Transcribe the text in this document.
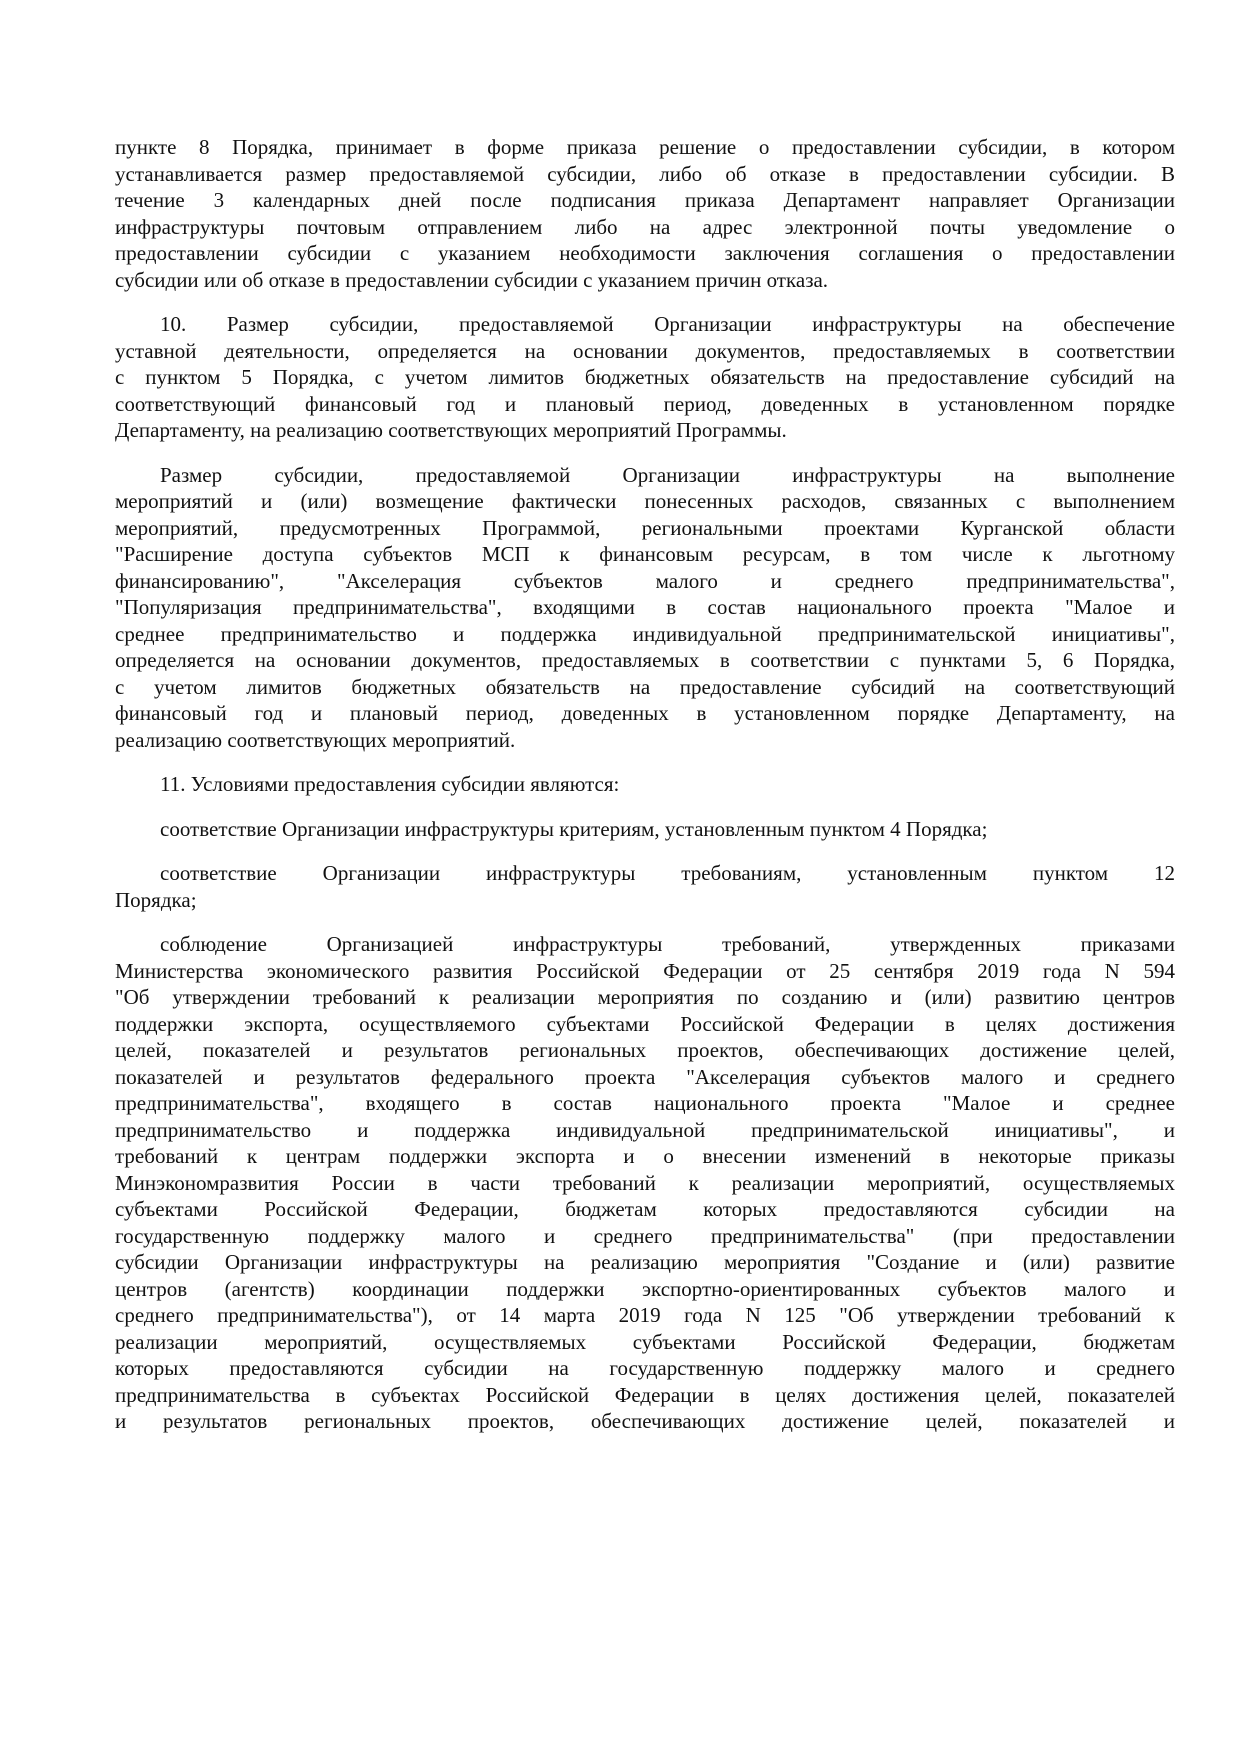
пункте 8 Порядка, принимает в форме приказа решение о предоставлении субсидии, в котором
устанавливается размер предоставляемой субсидии, либо об отказе в предоставлении субсидии. В
течение 3 календарных дней после подписания приказа Департамент направляет Организации
инфраструктуры почтовым отправлением либо на адрес электронной почты уведомление о
предоставлении субсидии с указанием необходимости заключения соглашения о предоставлении
субсидии или об отказе в предоставлении субсидии с указанием причин отказа.
10. Размер субсидии, предоставляемой Организации инфраструктуры на обеспечение
уставной деятельности, определяется на основании документов, предоставляемых в соответствии
с пунктом 5 Порядка, с учетом лимитов бюджетных обязательств на предоставление субсидий на
соответствующий финансовый год и плановый период, доведенных в установленном порядке
Департаменту, на реализацию соответствующих мероприятий Программы.
Размер субсидии, предоставляемой Организации инфраструктуры на выполнение
мероприятий и (или) возмещение фактически понесенных расходов, связанных с выполнением
мероприятий, предусмотренных Программой, региональными проектами Курганской области
"Расширение доступа субъектов МСП к финансовым ресурсам, в том числе к льготному
финансированию", "Акселерация субъектов малого и среднего предпринимательства",
"Популяризация предпринимательства", входящими в состав национального проекта "Малое и
среднее предпринимательство и поддержка индивидуальной предпринимательской инициативы",
определяется на основании документов, предоставляемых в соответствии с пунктами 5, 6 Порядка,
с учетом лимитов бюджетных обязательств на предоставление субсидий на соответствующий
финансовый год и плановый период, доведенных в установленном порядке Департаменту, на
реализацию соответствующих мероприятий.
11. Условиями предоставления субсидии являются:
соответствие Организации инфраструктуры критериям, установленным пунктом 4 Порядка;
соответствие Организации инфраструктуры требованиям, установленным пунктом 12
Порядка;
соблюдение Организацией инфраструктуры требований, утвержденных приказами
Министерства экономического развития Российской Федерации от 25 сентября 2019 года N 594
"Об утверждении требований к реализации мероприятия по созданию и (или) развитию центров
поддержки экспорта, осуществляемого субъектами Российской Федерации в целях достижения
целей, показателей и результатов региональных проектов, обеспечивающих достижение целей,
показателей и результатов федерального проекта "Акселерация субъектов малого и среднего
предпринимательства", входящего в состав национального проекта "Малое и среднее
предпринимательство и поддержка индивидуальной предпринимательской инициативы", и
требований к центрам поддержки экспорта и о внесении изменений в некоторые приказы
Минэкономразвития России в части требований к реализации мероприятий, осуществляемых
субъектами Российской Федерации, бюджетам которых предоставляются субсидии на
государственную поддержку малого и среднего предпринимательства" (при предоставлении
субсидии Организации инфраструктуры на реализацию мероприятия "Создание и (или) развитие
центров (агентств) координации поддержки экспортно-ориентированных субъектов малого и
среднего предпринимательства"), от 14 марта 2019 года N 125 "Об утверждении требований к
реализации мероприятий, осуществляемых субъектами Российской Федерации, бюджетам
которых предоставляются субсидии на государственную поддержку малого и среднего
предпринимательства в субъектах Российской Федерации в целях достижения целей, показателей
и результатов региональных проектов, обеспечивающих достижение целей, показателей и
